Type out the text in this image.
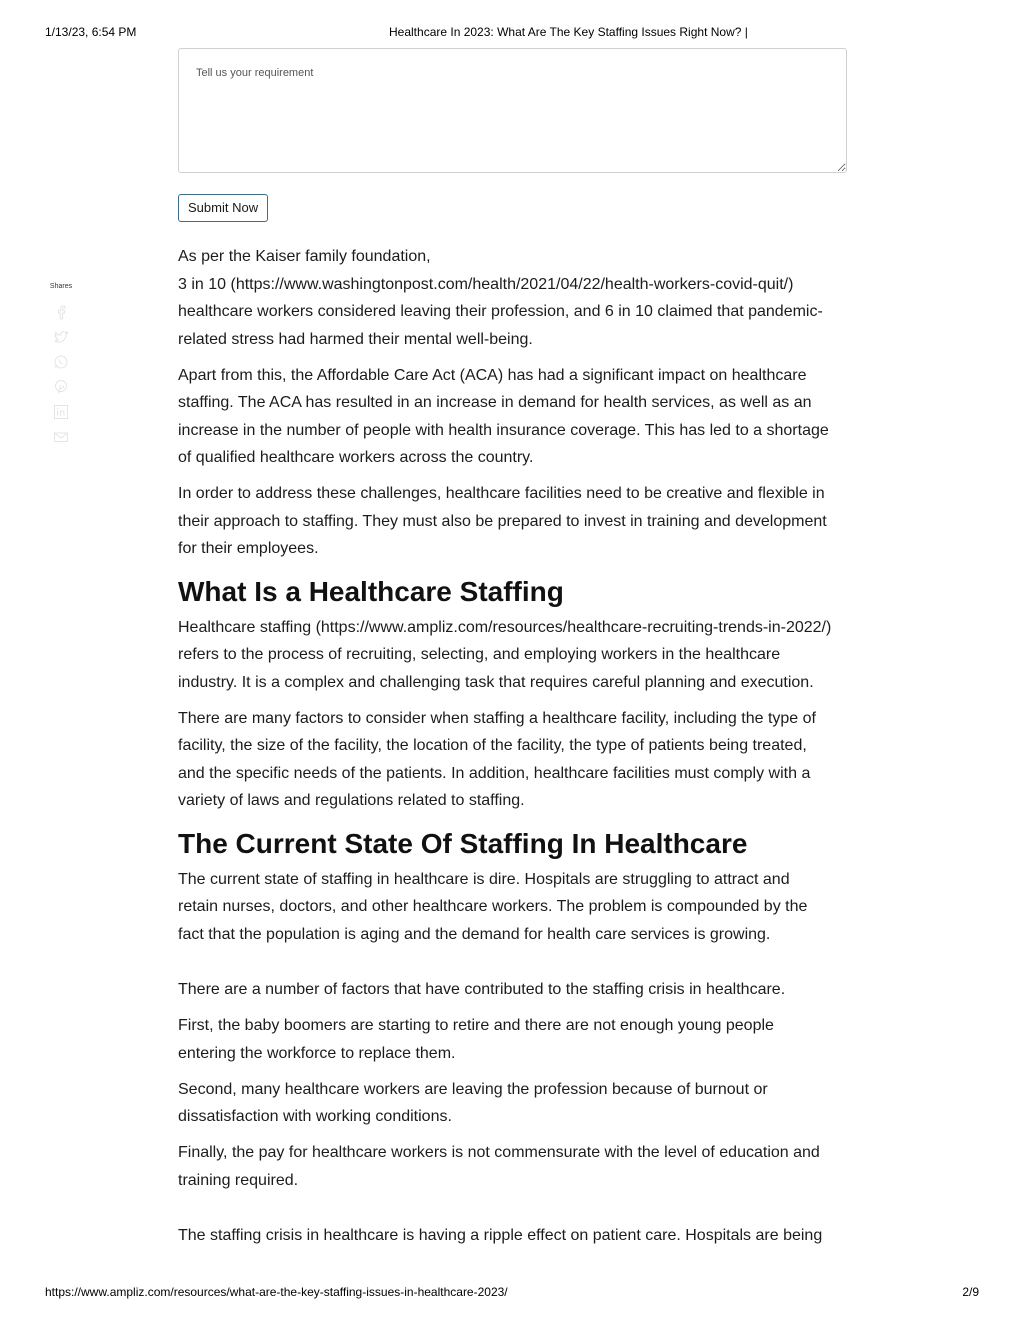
1/13/23, 6:54 PM	Healthcare In 2023: What Are The Key Staffing Issues Right Now? |
Shares
Tell us your requirement Submit Now

As per the Kaiser family foundation,
3 in 10 (https://www.washingtonpost.com/health/2021/04/22/health-workers-covid-quit/)
healthcare workers considered leaving their profession, and 6 in 10 claimed that pandemic-
related stress had harmed their mental well-being.

Apart from this, the Affordable Care Act (ACA) has had a significant impact on healthcare
staffing. The ACA has resulted in an increase in demand for health services, as well as an
increase in the number of people with health insurance coverage. This has led to a shortage
of qualified healthcare workers across the country.

In order to address these challenges, healthcare facilities need to be creative and flexible in
their approach to staffing. They must also be prepared to invest in training and development
for their employees.

What Is a Healthcare Staffing

Healthcare staffing (https://www.ampliz.com/resources/healthcare-recruiting-trends-in-2022/)
refers to the process of recruiting, selecting, and employing workers in the healthcare
industry. It is a complex and challenging task that requires careful planning and execution.

There are many factors to consider when staffing a healthcare facility, including the type of
facility, the size of the facility, the location of the facility, the type of patients being treated,
and the specific needs of the patients. In addition, healthcare facilities must comply with a
variety of laws and regulations related to staffing.

The Current State Of Staffing In Healthcare

The current state of staffing in healthcare is dire. Hospitals are struggling to attract and
retain nurses, doctors, and other healthcare workers. The problem is compounded by the
fact that the population is aging and the demand for health care services is growing.

There are a number of factors that have contributed to the staffing crisis in healthcare.

First, the baby boomers are starting to retire and there are not enough young people
entering the workforce to replace them.

Second, many healthcare workers are leaving the profession because of burnout or
dissatisfaction with working conditions.

Finally, the pay for healthcare workers is not commensurate with the level of education and
training required.

The staffing crisis in healthcare is having a ripple effect on patient care. Hospitals are being

https://www.ampliz.com/resources/what-are-the-key-staffing-issues-in-healthcare-2023/	2/9
